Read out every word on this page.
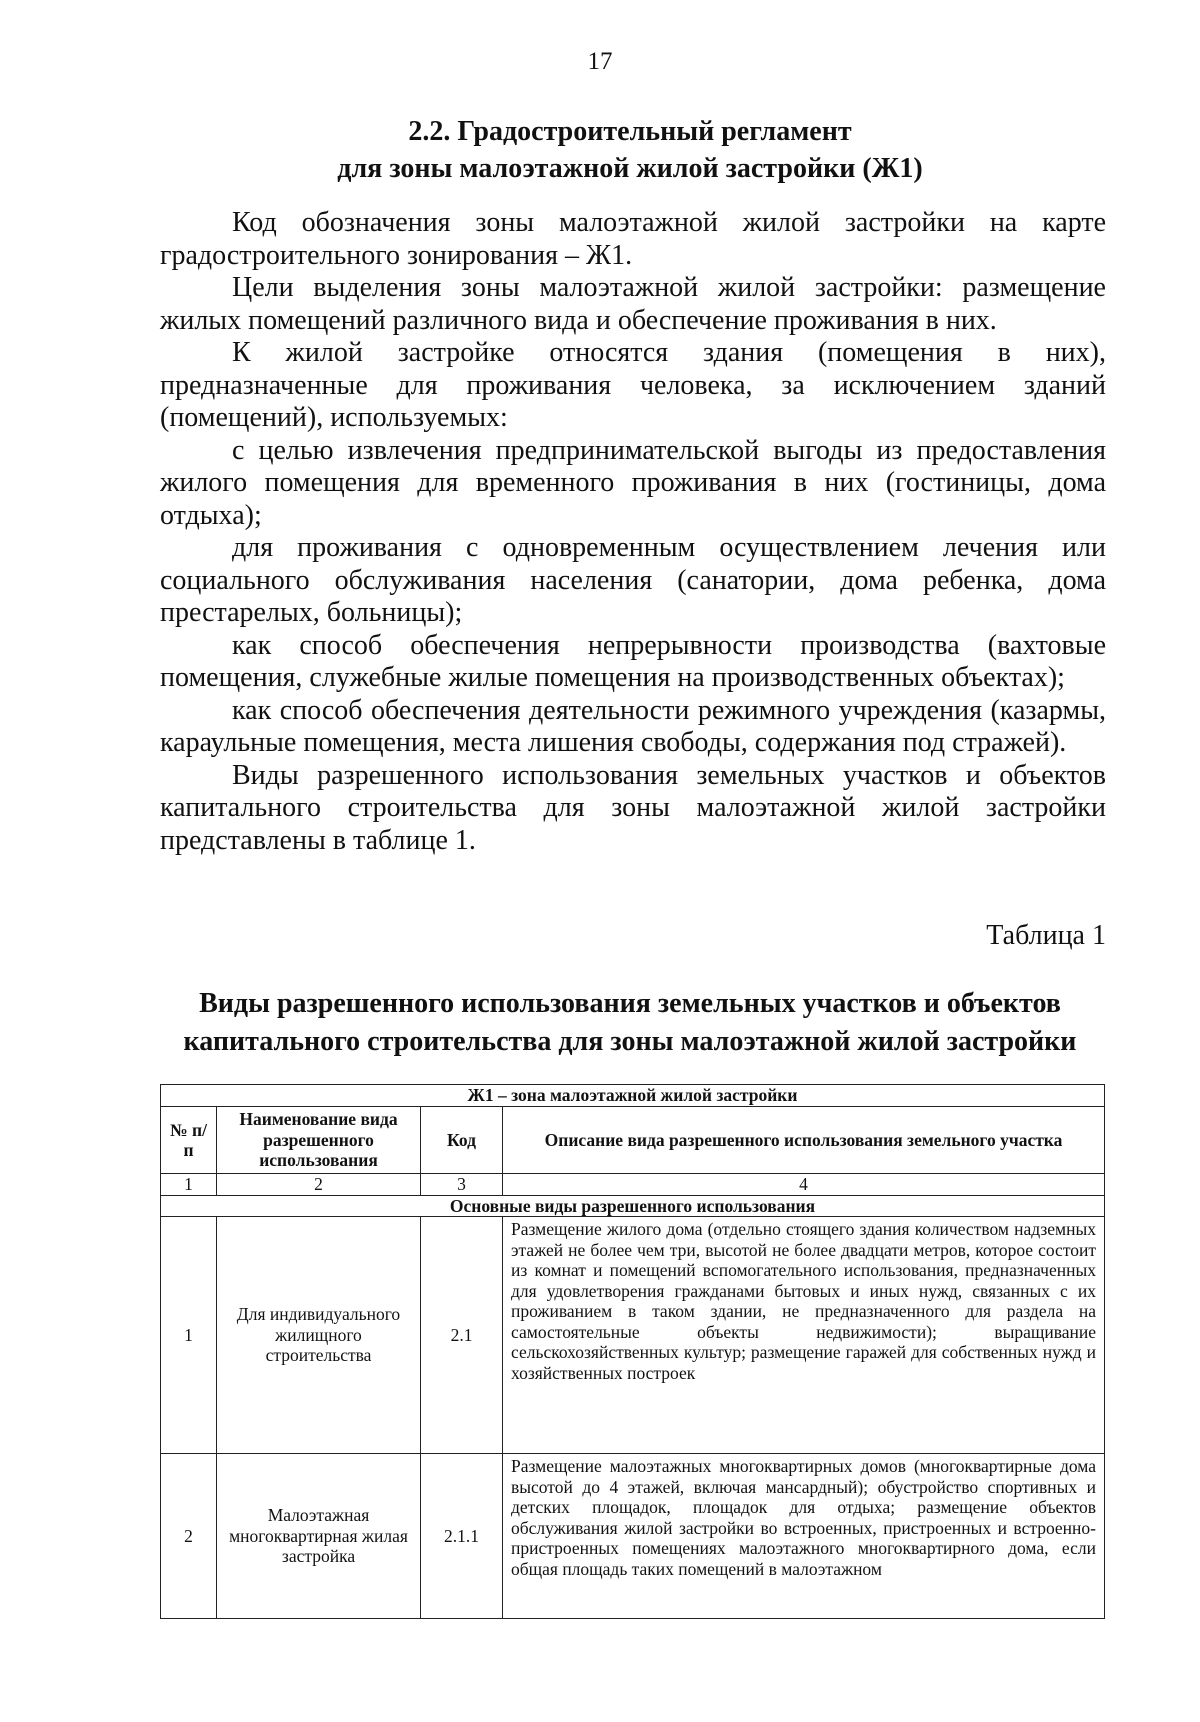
17
2.2. Градостроительный регламент
для зоны малоэтажной жилой застройки (Ж1)

Код обозначения зоны малоэтажной жилой застройки на карте градостроительного зонирования – Ж1.

Цели выделения зоны малоэтажной жилой застройки: размещение жилых помещений различного вида и обеспечение проживания в них.

К жилой застройке относятся здания (помещения в них), предназначенные для проживания человека, за исключением зданий (помещений), используемых:

с целью извлечения предпринимательской выгоды из предоставления жилого помещения для временного проживания в них (гостиницы, дома отдыха);

для проживания с одновременным осуществлением лечения или социального обслуживания населения (санатории, дома ребенка, дома престарелых, больницы);

как способ обеспечения непрерывности производства (вахтовые помещения, служебные жилые помещения на производственных объектах);

как способ обеспечения деятельности режимного учреждения (казармы, караульные помещения, места лишения свободы, содержания под стражей).

Виды разрешенного использования земельных участков и объектов капитального строительства для зоны малоэтажной жилой застройки представлены в таблице 1.

Таблица 1
Виды разрешенного использования земельных участков и объектов
капитального строительства для зоны малоэтажной жилой застройки
Ж1 – зона малоэтажной жилой застройки			
№ п/п	Наименование вида разрешенного использования	Код	Описание вида разрешенного использования земельного участка
1	2	3	4
Основные виды разрешенного использования			
1	Для индивидуального жилищного строительства	2.1	Размещение жилого дома (отдельно стоящего здания количеством надземных этажей не более чем три, высотой не более двадцати метров, которое состоит из комнат и помещений вспомогательного использования, предназначенных для удовлетворения гражданами бытовых и иных нужд, связанных с их проживанием в таком здании, не предназначенного для раздела на самостоятельные объекты недвижимости); выращивание сельскохозяйственных культур; размещение гаражей для собственных нужд и хозяйственных построек
2	Малоэтажная многоквартирная жилая застройка	2.1.1	Размещение малоэтажных многоквартирных домов (многоквартирные дома высотой до 4 этажей, включая мансардный); обустройство спортивных и детских площадок, площадок для отдыха; размещение объектов обслуживания жилой застройки во встроенных, пристроенных и встроенно-пристроенных помещениях малоэтажного многоквартирного дома, если общая площадь таких помещений в малоэтажном
